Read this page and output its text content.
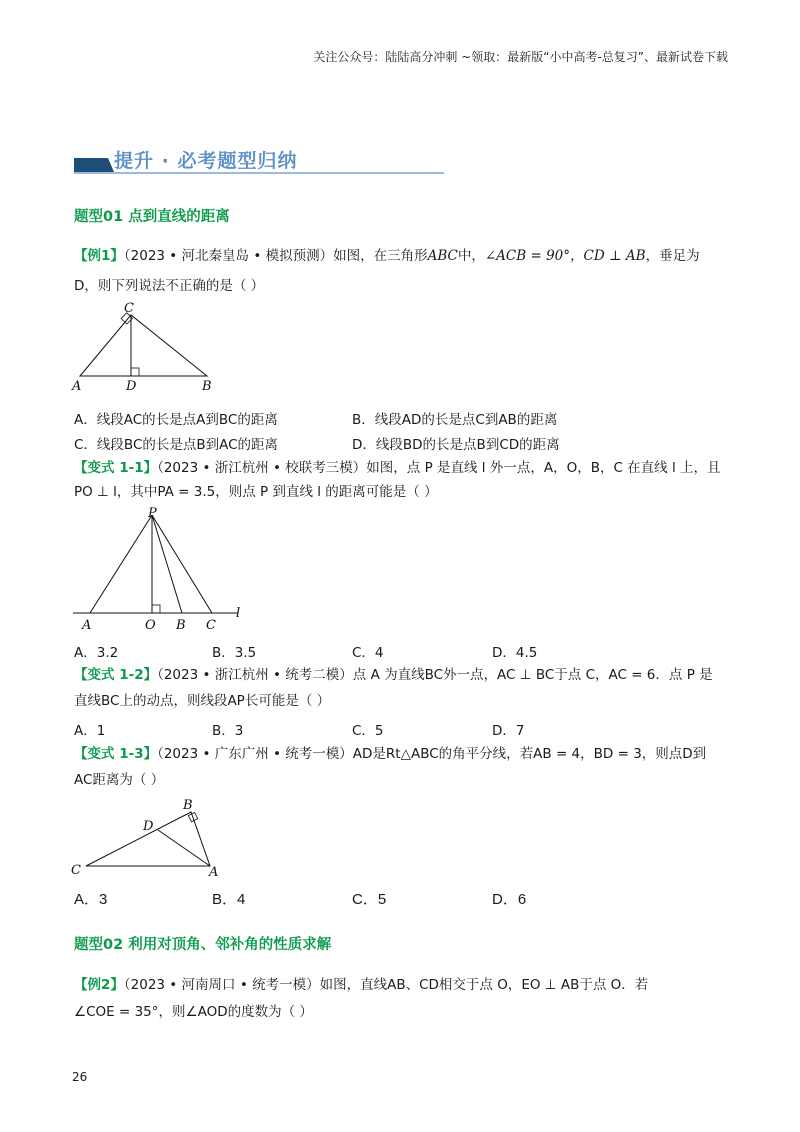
关注公众号：陆陆高分冲刺 ~领取：最新版“小中高考-总复习”、最新试卷下载
提升 · 必考题型归纳
题型01 点到直线的距离
【例1】（2023 • 河北秦皇岛 • 模拟预测）如图，在三角形ABC中，∠ACB = 90°，CD ⊥ AB，垂足为
D，则下列说法不正确的是（ ）
C
A	D	B
A．线段AC的长是点A到BC的距离	B．线段AD的长是点C到AB的距离
C．线段BC的长是点B到AC的距离	D．线段BD的长是点B到CD的距离
【变式 1-1】（2023 • 浙江杭州 • 校联考三模）如图，点 P 是直线 l 外一点，A，O，B，C 在直线 l 上，且
PO ⊥ l，其中PA = 3.5，则点 P 到直线 l 的距离可能是（ ）
P
A	O B C
l
A．3.2	B．3.5	C．4	D．4.5
【变式 1-2】（2023 • 浙江杭州 • 统考二模）点 A 为直线BC外一点，AC ⊥ BC于点 C，AC = 6．点 P 是
直线BC上的动点，则线段AP长可能是（ ）
A．1	B．3	C．5	D．7
【变式 1-3】（2023 • 广东广州 • 统考一模）AD是Rt△ABC的角平分线，若AB = 4，BD = 3，则点D到
AC距离为（ ）
B
D
C	A
A．3	B．4	C．5	D．6
题型02 利用对顶角、邻补角的性质求解
【例2】（2023 • 河南周口 • 统考一模）如图，直线AB、CD相交于点 O，EO ⊥ AB于点 O．若
∠COE = 35°，则∠AOD的度数为（ ）
26
